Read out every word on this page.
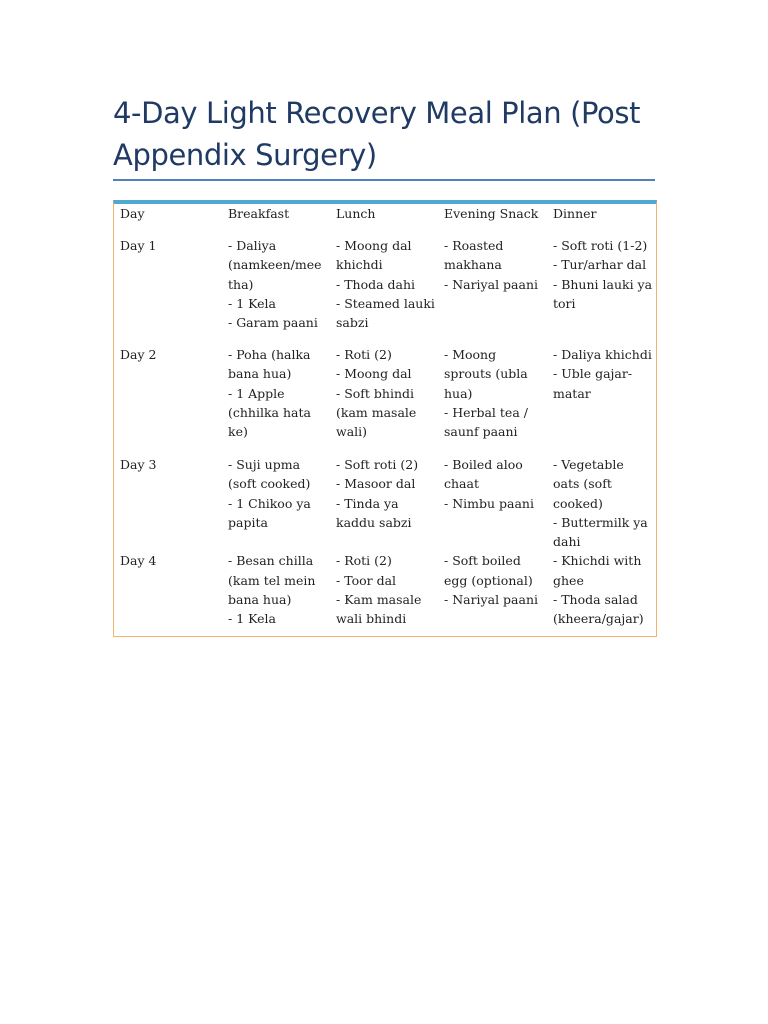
4-Day Light Recovery Meal Plan (Post Appendix Surgery)
Day	Breakfast	Lunch	Evening Snack	Dinner
Day 1	- Daliya (namkeen/mee tha)
- 1 Kela
- Garam paani	- Moong dal khichdi
- Thoda dahi
- Steamed lauki sabzi	- Roasted makhana
- Nariyal paani	- Soft roti (1-2)
- Tur/arhar dal
- Bhuni lauki ya tori

Day 2	- Poha (halka bana hua)
- 1 Apple (chhilka hata ke)	- Roti (2)
- Moong dal
- Soft bhindi (kam masale wali)	- Moong sprouts (ubla hua)
- Herbal tea / saunf paani	- Daliya khichdi
- Uble gajar-matar

Day 3	- Suji upma (soft cooked)
- 1 Chikoo ya papita	- Soft roti (2)
- Masoor dal
- Tinda ya kaddu sabzi	- Boiled aloo chaat
- Nimbu paani	- Vegetable oats (soft cooked)
- Buttermilk ya dahi

Day 4	- Besan chilla (kam tel mein bana hua)
- 1 Kela	- Roti (2)
- Toor dal
- Kam masale wali bhindi	- Soft boiled egg (optional)
- Nariyal paani	- Khichdi with ghee
- Thoda salad (kheera/gajar)
